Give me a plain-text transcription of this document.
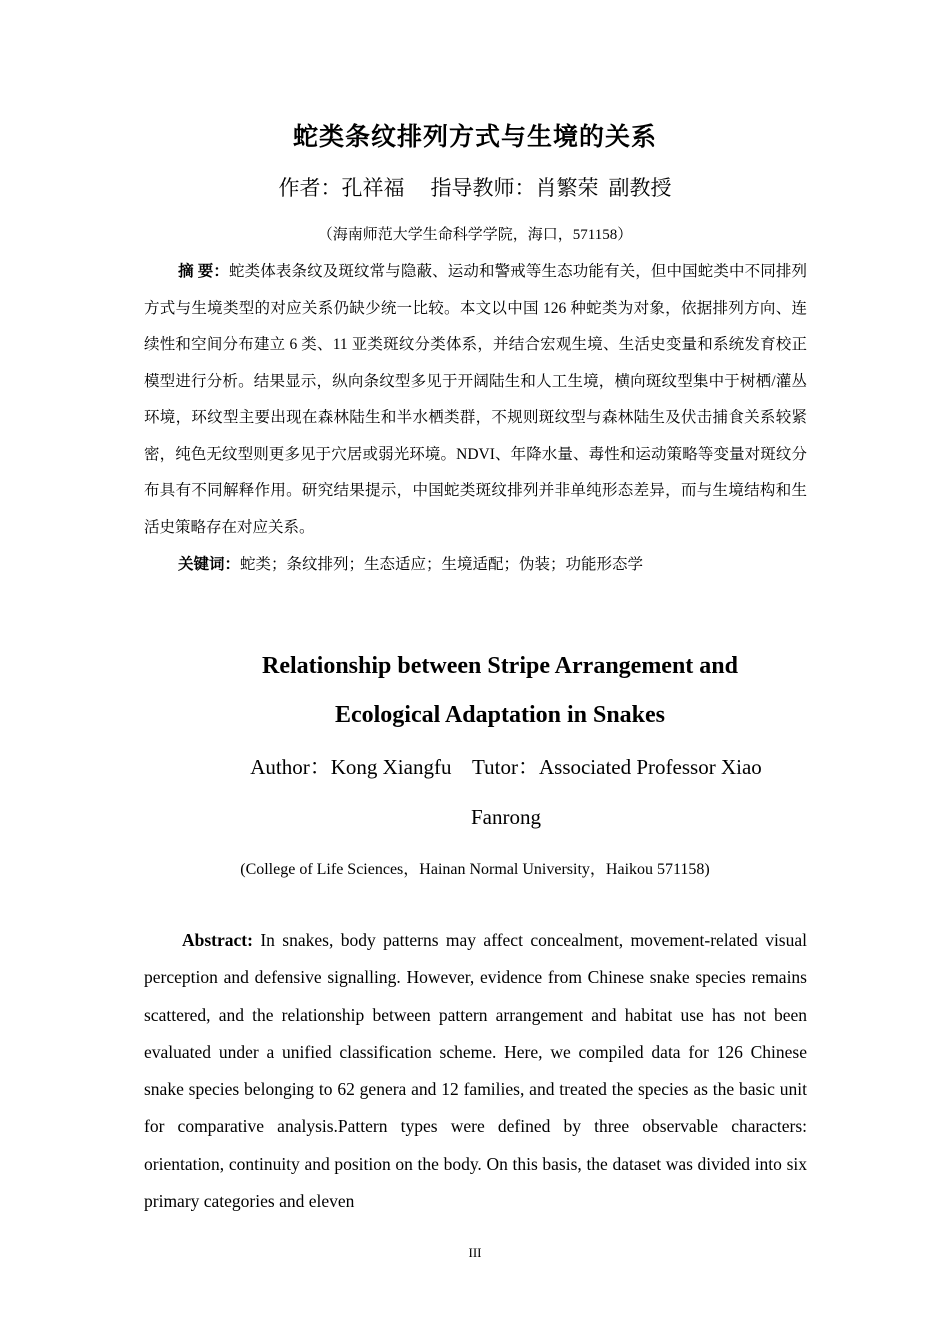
蛇类条纹排列方式与生境的关系
作者：孔祥福 指导教师：肖繁荣 副教授
（海南师范大学生命科学学院，海口，571158）
摘 要：蛇类体表条纹及斑纹常与隐蔽、运动和警戒等生态功能有关，但中国蛇类中不同排列方式与生境类型的对应关系仍缺少统一比较。本文以中国 126 种蛇类为对象，依据排列方向、连续性和空间分布建立 6 类、11 亚类斑纹分类体系，并结合宏观生境、生活史变量和系统发育校正模型进行分析。结果显示，纵向条纹型多见于开阔陆生和人工生境，横向斑纹型集中于树栖/灌丛环境，环纹型主要出现在森林陆生和半水栖类群，不规则斑纹型与森林陆生及伏击捕食关系较紧密，纯色无纹型则更多见于穴居或弱光环境。NDVI、年降水量、毒性和运动策略等变量对斑纹分布具有不同解释作用。研究结果提示，中国蛇类斑纹排列并非单纯形态差异，而与生境结构和生活史策略存在对应关系。
关键词：蛇类；条纹排列；生态适应；生境适配；伪装；功能形态学
Relationship between Stripe Arrangement and
Ecological Adaptation in Snakes
Author：Kong Xiangfu    Tutor：Associated Professor Xiao
Fanrong
(College of Life Sciences，Hainan Normal University，Haikou 571158)
Abstract: In snakes, body patterns may affect concealment, movement-related visual perception and defensive signalling. However, evidence from Chinese snake species remains scattered, and the relationship between pattern arrangement and habitat use has not been evaluated under a unified classification scheme. Here, we compiled data for 126 Chinese snake species belonging to 62 genera and 12 families, and treated the species as the basic unit for comparative analysis.Pattern types were defined by three observable characters: orientation, continuity and position on the body. On this basis, the dataset was divided into six primary categories and eleven
III
